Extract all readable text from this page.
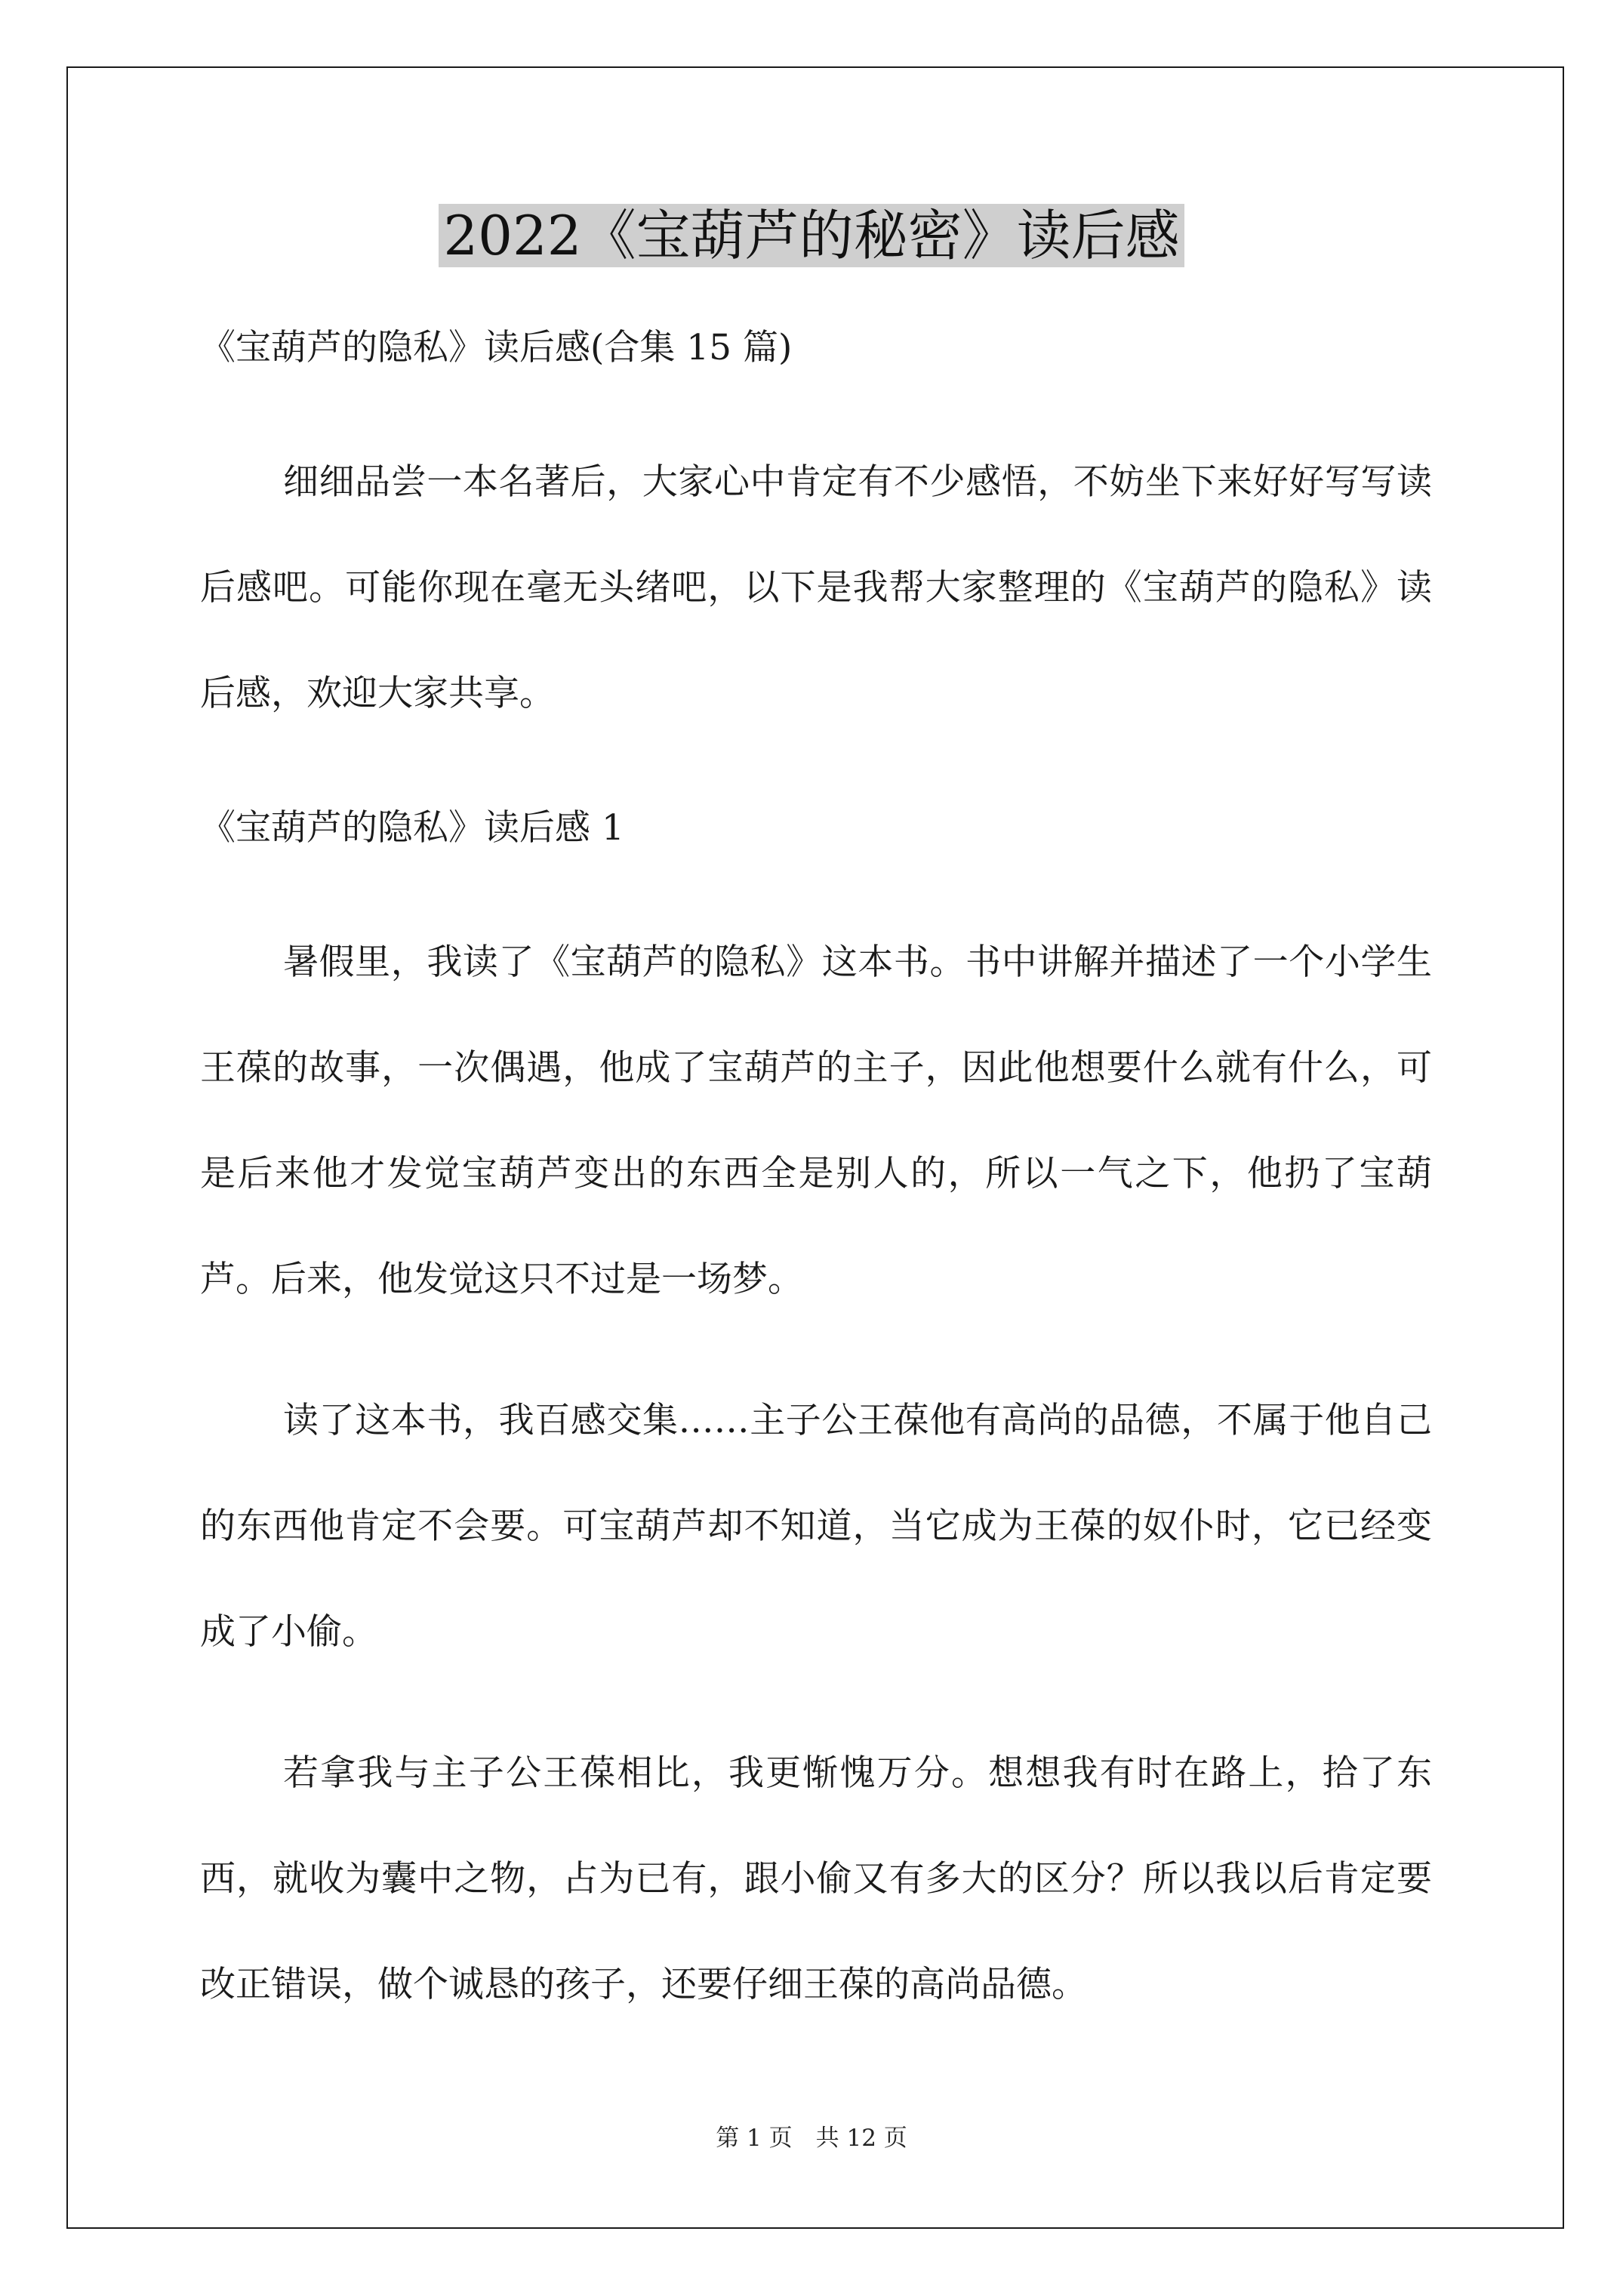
2022《宝葫芦的秘密》读后感

《宝葫芦的隐私》读后感(合集 15 篇)

细细品尝一本名著后，大家心中肯定有不少感悟，不妨坐下来好好写写读后感吧。可能你现在毫无头绪吧，以下是我帮大家整理的《宝葫芦的隐私》读后感，欢迎大家共享。

《宝葫芦的隐私》读后感 1

暑假里，我读了《宝葫芦的隐私》这本书。书中讲解并描述了一个小学生王葆的故事，一次偶遇，他成了宝葫芦的主子，因此他想要什么就有什么，可是后来他才发觉宝葫芦变出的东西全是别人的，所以一气之下，他扔了宝葫芦。后来，他发觉这只不过是一场梦。

读了这本书，我百感交集……主子公王葆他有高尚的品德，不属于他自己的东西他肯定不会要。可宝葫芦却不知道，当它成为王葆的奴仆时，它已经变成了小偷。

若拿我与主子公王葆相比，我更惭愧万分。想想我有时在路上，拾了东西，就收为囊中之物，占为已有，跟小偷又有多大的区分？所以我以后肯定要改正错误，做个诚恳的孩子，还要仔细王葆的高尚品德。

第 1 页　共 12 页
